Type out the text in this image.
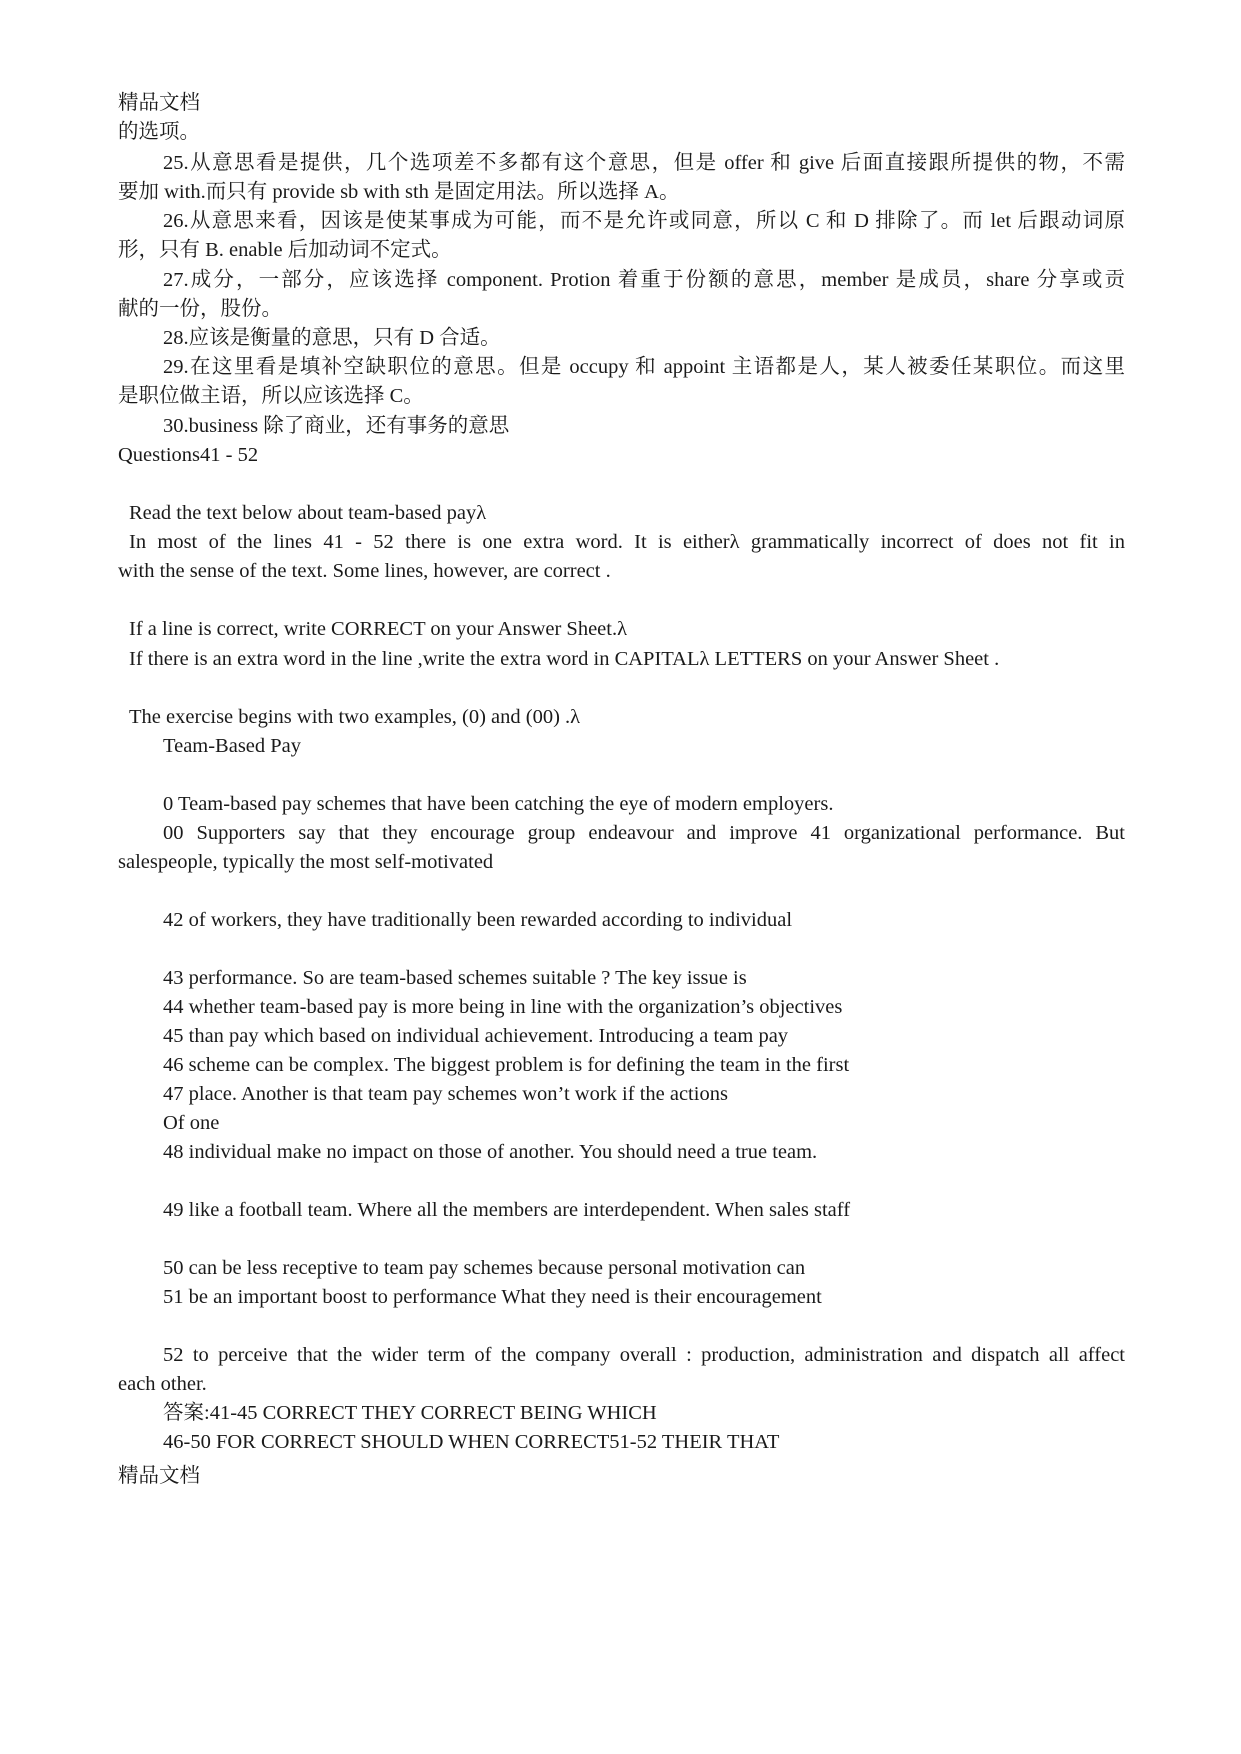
精品文档
的选项。
25.从意思看是提供，几个选项差不多都有这个意思，但是 offer 和 give 后面直接跟所提供的物，不需
要加 with.而只有 provide sb with sth 是固定用法。所以选择 A。
26.从意思来看，因该是使某事成为可能，而不是允许或同意，所以 C 和 D 排除了。而 let 后跟动词原
形，只有 B. enable 后加动词不定式。
27.成分，一部分，应该选择 component. Protion 着重于份额的意思，member 是成员，share 分享或贡
献的一份，股份。
28.应该是衡量的意思，只有 D 合适。
29.在这里看是填补空缺职位的意思。但是 occupy 和 appoint 主语都是人，某人被委任某职位。而这里
是职位做主语，所以应该选择 C。
30.business 除了商业，还有事务的意思
Questions41 - 52
Read the text below about team-based payλ
In most of the lines 41 - 52 there is one extra word. It is eitherλ grammatically incorrect of does not fit in
with the sense of the text. Some lines, however, are correct .
If a line is correct, write CORRECT on your Answer Sheet.λ
If there is an extra word in the line ,write the extra word in CAPITALλ LETTERS on your Answer Sheet .
The exercise begins with two examples, (0) and (00) .λ
Team-Based Pay
0 Team-based pay schemes that have been catching the eye of modern employers.
00 Supporters say that they encourage group endeavour and improve 41 organizational performance. But
salespeople, typically the most self-motivated
42 of workers, they have traditionally been rewarded according to individual
43 performance. So are team-based schemes suitable ? The key issue is
44 whether team-based pay is more being in line with the organization’s objectives
45 than pay which based on individual achievement. Introducing a team pay
46 scheme can be complex. The biggest problem is for defining the team in the first
47 place. Another is that team pay schemes won’t work if the actions
Of one
48 individual make no impact on those of another. You should need a true team.
49 like a football team. Where all the members are interdependent. When sales staff
50 can be less receptive to team pay schemes because personal motivation can
51 be an important boost to performance What they need is their encouragement
52 to perceive that the wider term of the company overall : production, administration and dispatch all affect
each other.
答案:41-45 CORRECT THEY CORRECT BEING WHICH
46-50 FOR CORRECT SHOULD WHEN CORRECT51-52 THEIR THAT
精品文档
